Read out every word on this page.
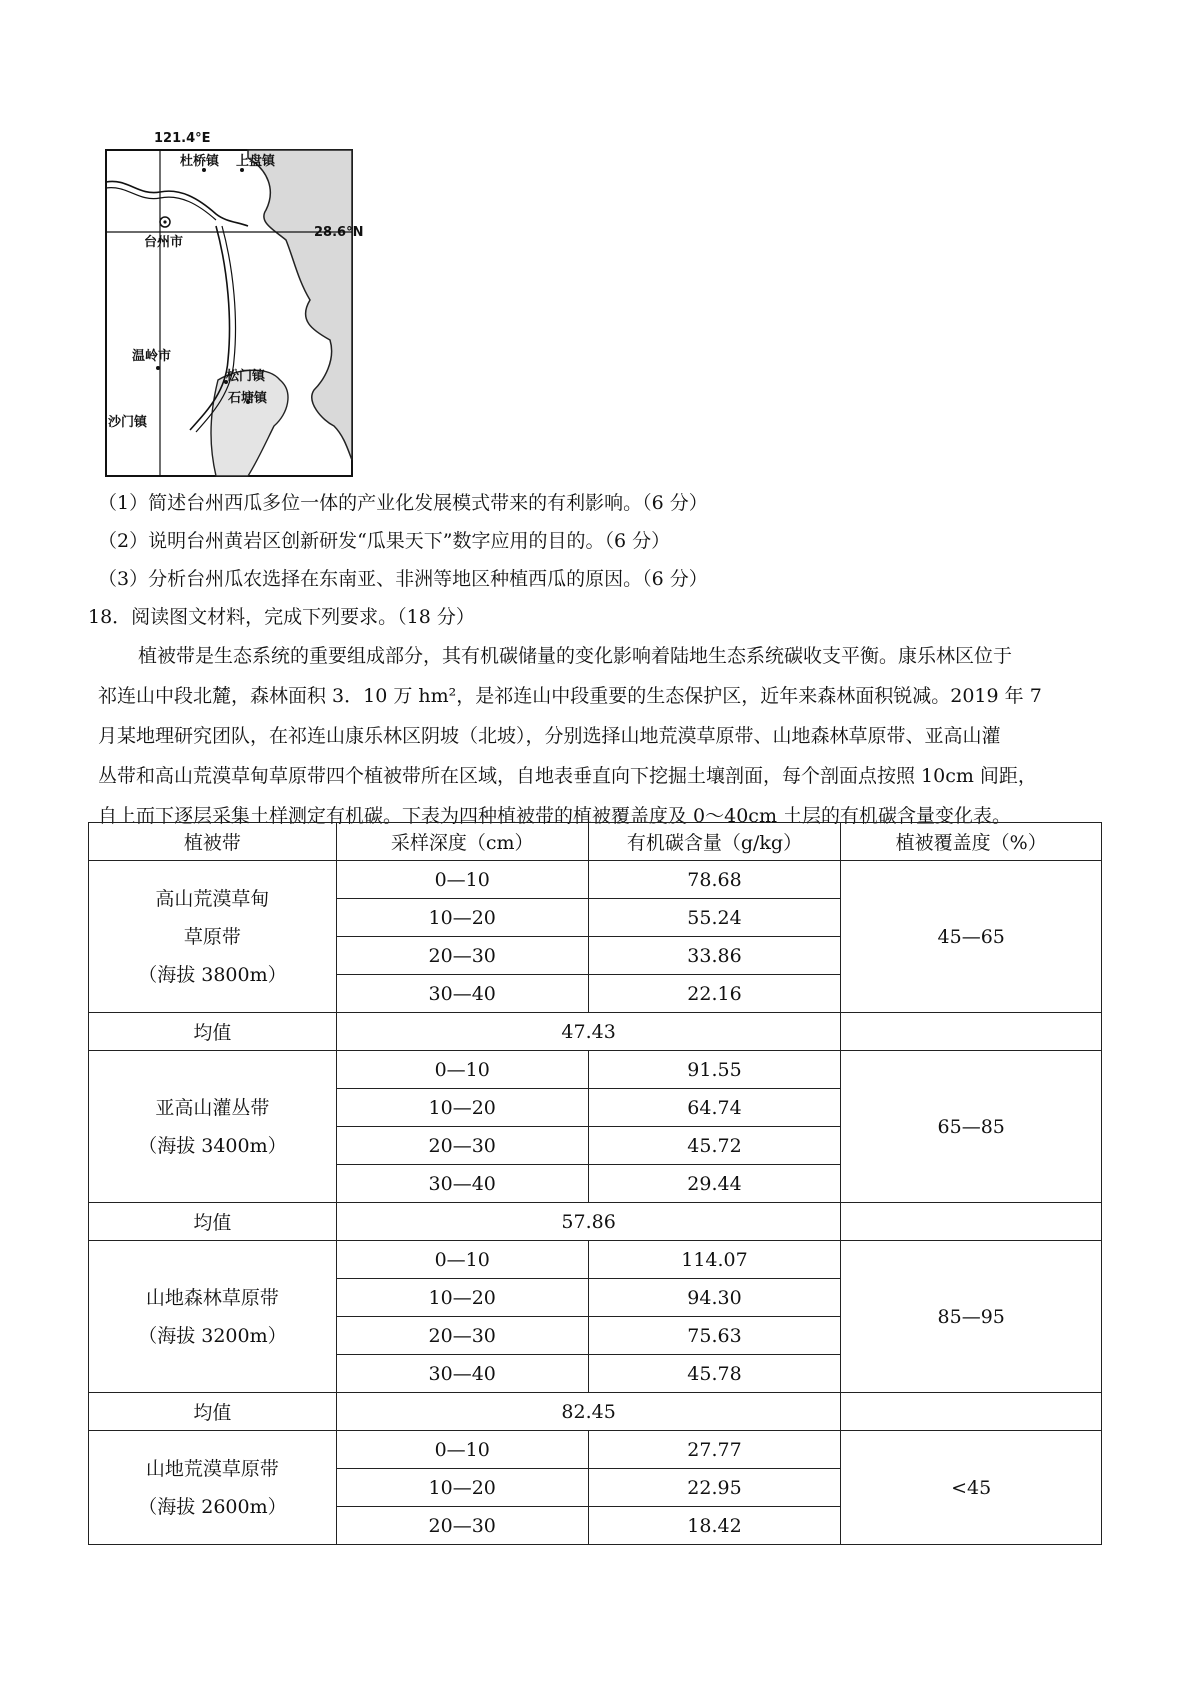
121.4°E
28.6°N
杜桥镇 上盘镇
台州市
温岭市
松门镇
石塘镇
沙门镇
（1）简述台州西瓜多位一体的产业化发展模式带来的有利影响。（6 分）
（2）说明台州黄岩区创新研发“瓜果天下”数字应用的目的。（6 分）
（3）分析台州瓜农选择在东南亚、非洲等地区种植西瓜的原因。（6 分）
18．阅读图文材料，完成下列要求。（18 分）
植被带是生态系统的重要组成部分，其有机碳储量的变化影响着陆地生态系统碳收支平衡。康乐林区位于
祁连山中段北麓，森林面积 3．10 万 hm²，是祁连山中段重要的生态保护区，近年来森林面积锐减。2019 年 7
月某地理研究团队，在祁连山康乐林区阴坡（北坡），分别选择山地荒漠草原带、山地森林草原带、亚高山灌
丛带和高山荒漠草甸草原带四个植被带所在区域，自地表垂直向下挖掘土壤剖面，每个剖面点按照 10cm 间距，
自上而下逐层采集土样测定有机碳。下表为四种植被带的植被覆盖度及 0～40cm 土层的有机碳含量变化表。
植被带	采样深度（cm）	有机碳含量（g/kg）	植被覆盖度（%）

高山荒漠草甸
草原带
（海拔 3800m）	0—10	78.68	45—65
	10—20	55.24	
	20—30	33.86	
	30—40	22.16	
均值	47.43		

亚高山灌丛带
（海拔 3400m）	0—10	91.55	65—85
	10—20	64.74	
	20—30	45.72	
	30—40	29.44	
均值	57.86		

山地森林草原带
（海拔 3200m）	0—10	114.07	85—95
	10—20	94.30	
	20—30	75.63	
	30—40	45.78	
均值	82.45		

山地荒漠草原带
（海拔 2600m）	0—10	27.77	<45
	10—20	22.95	
	20—30	18.42	
